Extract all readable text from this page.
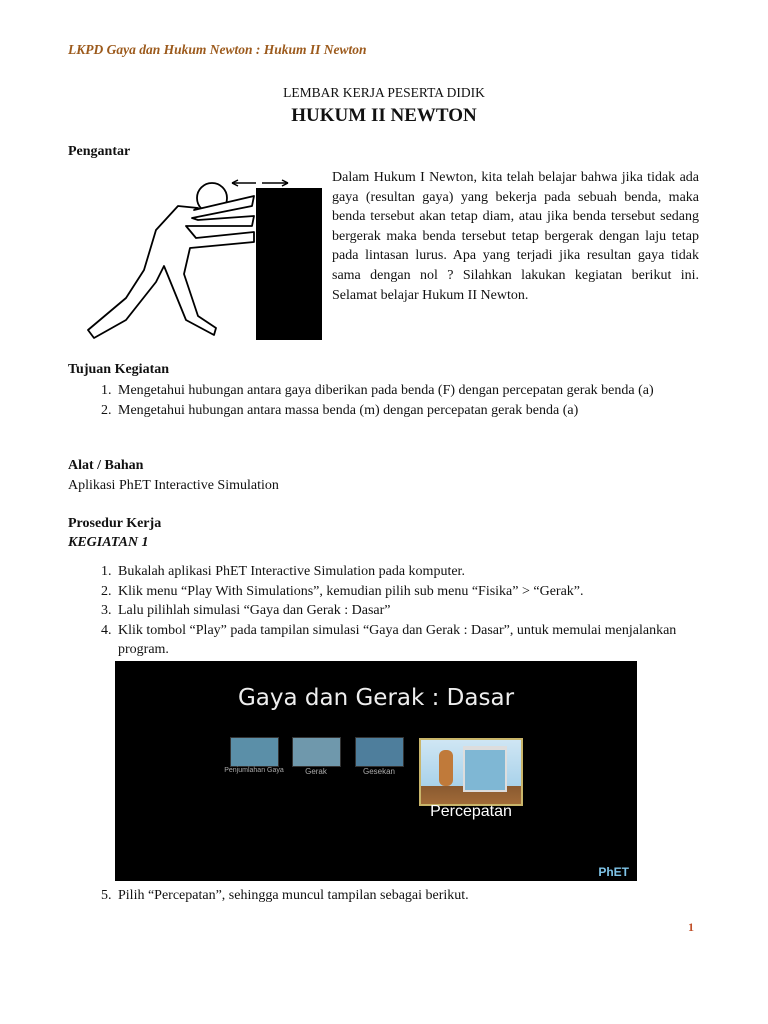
LKPD Gaya dan Hukum Newton : Hukum II Newton
LEMBAR KERJA PESERTA DIDIK
HUKUM II NEWTON
Pengantar
Dalam Hukum I Newton, kita telah belajar bahwa jika tidak ada gaya (resultan gaya) yang bekerja pada sebuah benda, maka benda tersebut akan tetap diam, atau jika benda tersebut sedang bergerak maka benda tersebut tetap bergerak dengan laju tetap pada lintasan lurus. Apa yang terjadi jika resultan gaya tidak sama dengan nol ? Silahkan lakukan kegiatan berikut ini. Selamat belajar Hukum II Newton.
Tujuan Kegiatan
1. Mengetahui hubungan antara gaya diberikan pada benda (F) dengan percepatan gerak benda (a)
2. Mengetahui hubungan antara massa benda (m) dengan percepatan gerak benda (a)
Alat / Bahan
Aplikasi PhET Interactive Simulation
Prosedur Kerja
KEGIATAN 1
1. Bukalah aplikasi PhET Interactive Simulation pada komputer.
2. Klik menu “Play With Simulations”, kemudian pilih sub menu “Fisika” > “Gerak”.
3. Lalu pilihlah simulasi “Gaya dan Gerak : Dasar”
4. Klik tombol “Play” pada tampilan simulasi “Gaya dan Gerak : Dasar”, untuk memulai menjalankan program.
Gaya dan Gerak : Dasar
Penjumlahan Gaya	Gerak	Gesekan
Percepatan
PhET
5. Pilih “Percepatan”, sehingga muncul tampilan sebagai berikut.
1
